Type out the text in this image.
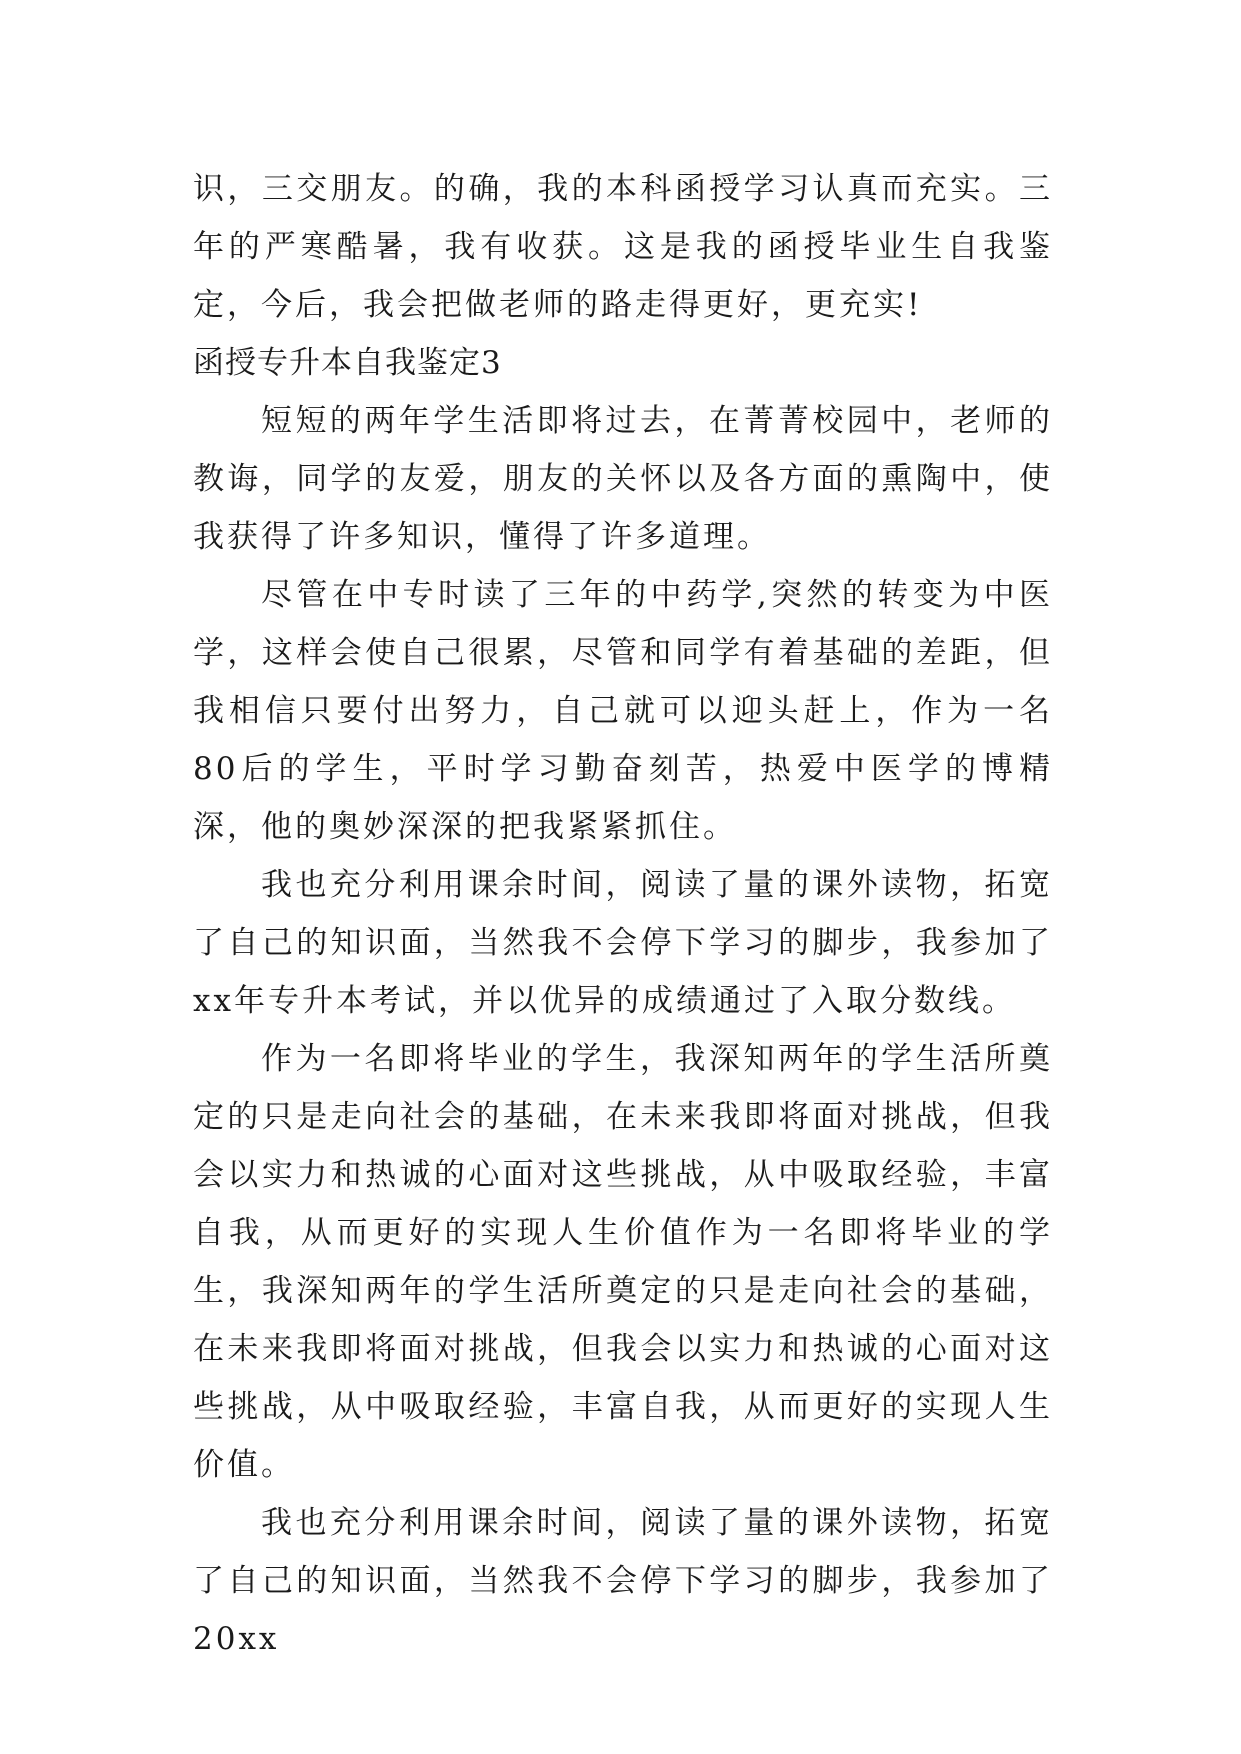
识，三交朋友。的确，我的本科函授学习认真而充实。三年的严寒酷暑，我有收获。这是我的函授毕业生自我鉴定，今后，我会把做老师的路走得更好，更充实!

函授专升本自我鉴定3

短短的两年学生活即将过去，在菁菁校园中，老师的教诲，同学的友爱，朋友的关怀以及各方面的熏陶中，使我获得了许多知识，懂得了许多道理。

尽管在中专时读了三年的中药学,突然的转变为中医学，这样会使自己很累，尽管和同学有着基础的差距，但我相信只要付出努力，自己就可以迎头赶上，作为一名80后的学生，平时学习勤奋刻苦，热爱中医学的博精深，他的奥妙深深的把我紧紧抓住。

我也充分利用课余时间，阅读了量的课外读物，拓宽了自己的知识面，当然我不会停下学习的脚步，我参加了xx年专升本考试，并以优异的成绩通过了入取分数线。

作为一名即将毕业的学生，我深知两年的学生活所奠定的只是走向社会的基础，在未来我即将面对挑战，但我会以实力和热诚的心面对这些挑战，从中吸取经验，丰富自我，从而更好的实现人生价值作为一名即将毕业的学生，我深知两年的学生活所奠定的只是走向社会的基础，在未来我即将面对挑战，但我会以实力和热诚的心面对这些挑战，从中吸取经验，丰富自我，从而更好的实现人生价值。

我也充分利用课余时间，阅读了量的课外读物，拓宽了自己的知识面，当然我不会停下学习的脚步，我参加了20xx
